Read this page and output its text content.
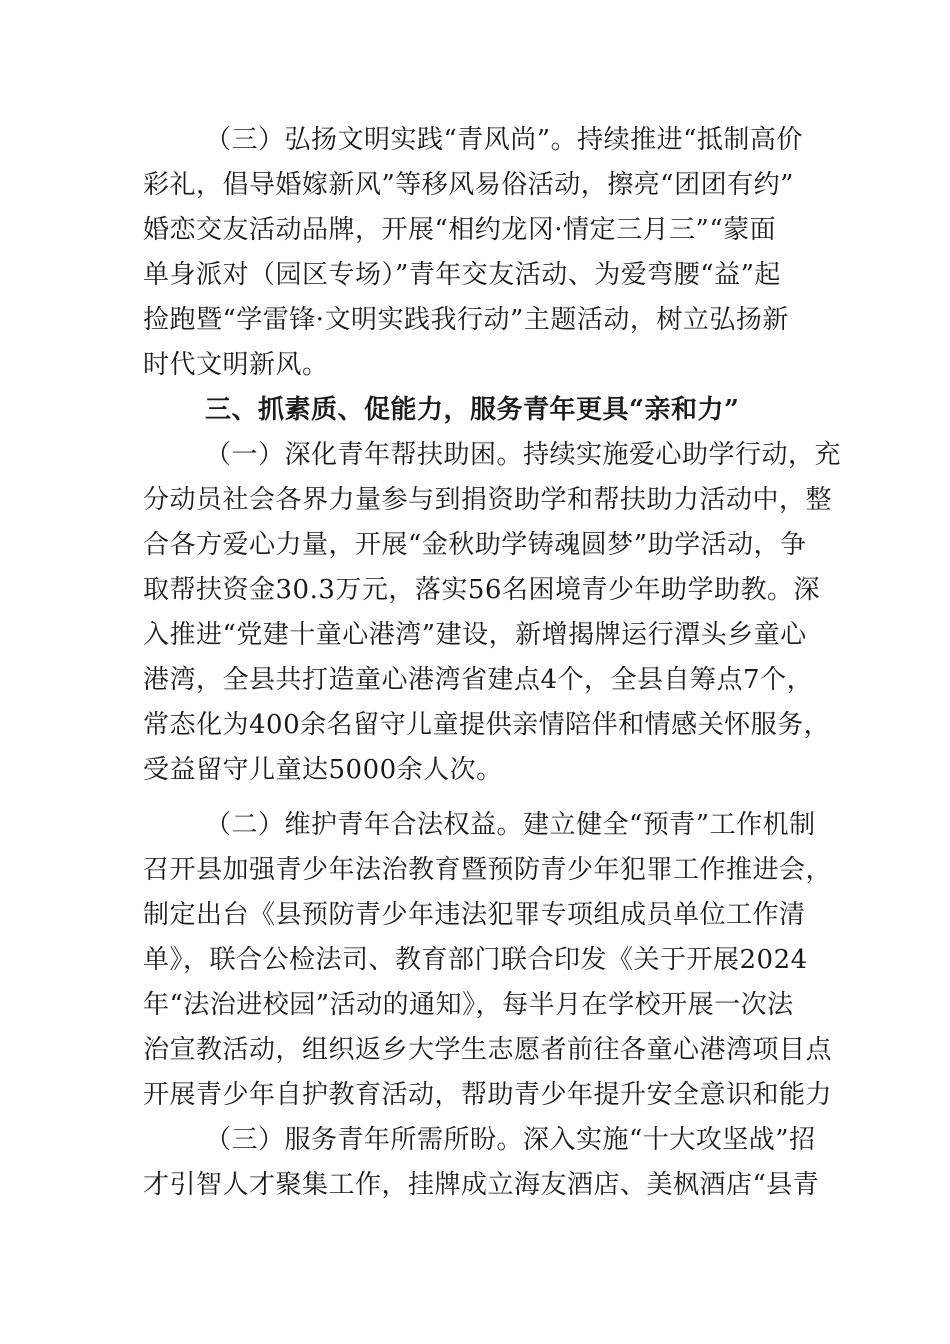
（三）弘扬文明实践“青风尚”。持续推进“抵制高价
彩礼，倡导婚嫁新风”等移风易俗活动，擦亮“团团有约”
婚恋交友活动品牌，开展“相约龙冈·情定三月三”“蒙面
单身派对（园区专场）”青年交友活动、为爱弯腰“益”起
捡跑暨“学雷锋·文明实践我行动”主题活动，树立弘扬新
时代文明新风。
三、抓素质、促能力，服务青年更具“亲和力”
（一）深化青年帮扶助困。持续实施爱心助学行动，充
分动员社会各界力量参与到捐资助学和帮扶助力活动中，整
合各方爱心力量，开展“金秋助学铸魂圆梦”助学活动，争
取帮扶资金30.3万元，落实56名困境青少年助学助教。深
入推进“党建十童心港湾”建设，新增揭牌运行潭头乡童心
港湾，全县共打造童心港湾省建点4个，全县自筹点7个，
常态化为400余名留守儿童提供亲情陪伴和情感关怀服务，
受益留守儿童达5000余人次。
（二）维护青年合法权益。建立健全“预青”工作机制
召开县加强青少年法治教育暨预防青少年犯罪工作推进会，
制定出台《县预防青少年违法犯罪专项组成员单位工作清
单》，联合公检法司、教育部门联合印发《关于开展2024
年“法治进校园”活动的通知》，每半月在学校开展一次法
治宣教活动，组织返乡大学生志愿者前往各童心港湾项目点
开展青少年自护教育活动，帮助青少年提升安全意识和能力
（三）服务青年所需所盼。深入实施“十大攻坚战”招
才引智人才聚集工作，挂牌成立海友酒店、美枫酒店“县青
